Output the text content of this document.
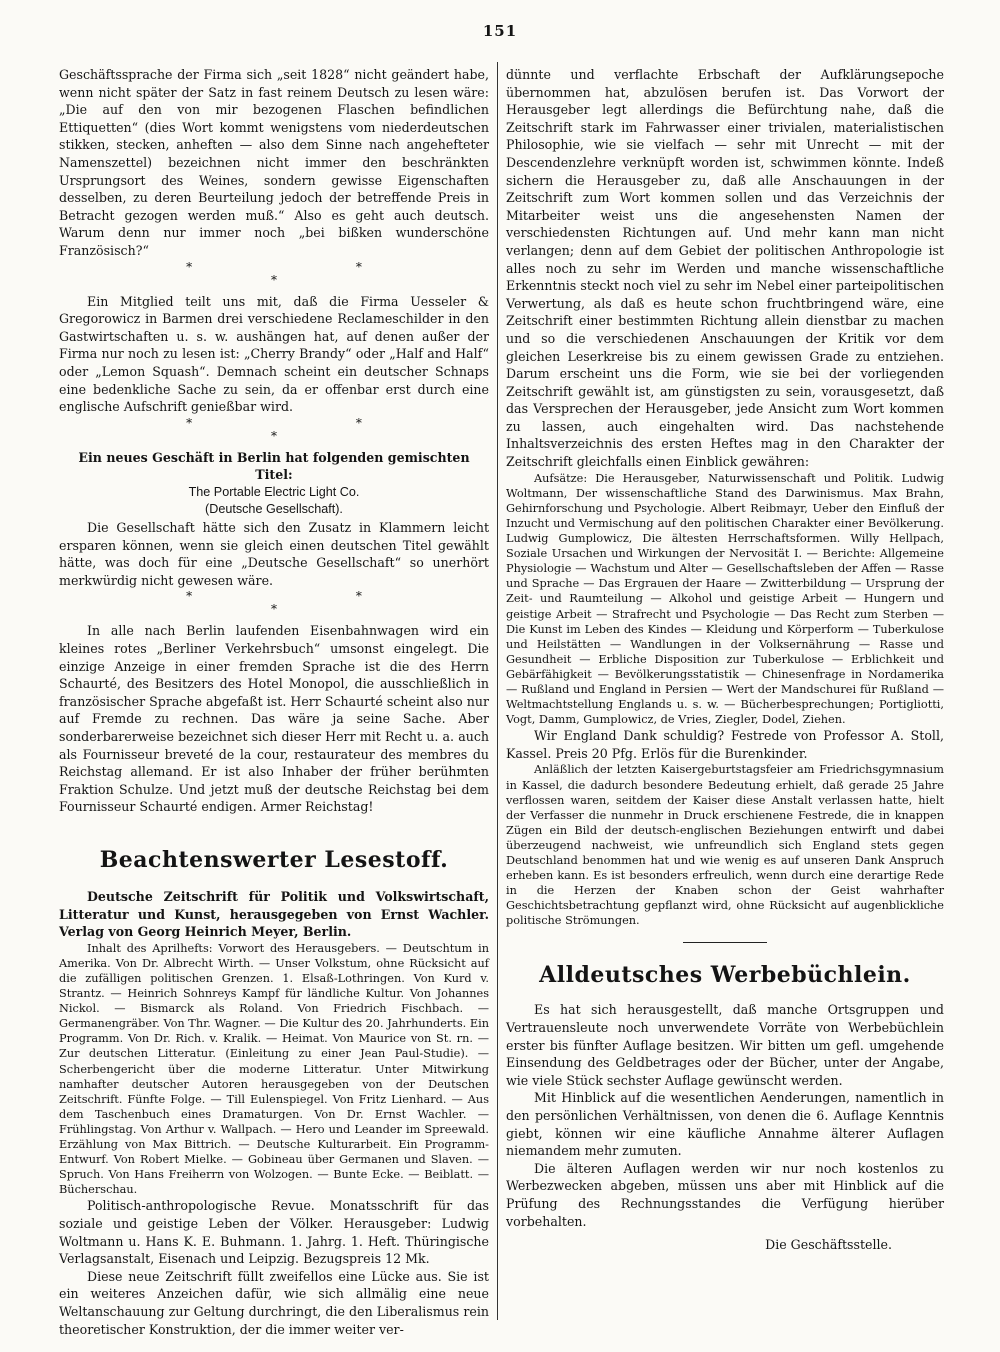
151

Geschäftssprache der Firma sich „seit 1828“ nicht geändert habe, wenn nicht später der Satz in fast reinem Deutsch zu lesen wäre: „Die auf den von mir bezogenen Flaschen befindlichen Ettiquetten“ (dies Wort kommt wenigstens vom niederdeutschen stikken, stecken, anheften — also dem Sinne nach angehefteter Namenszettel) bezeichnen nicht immer den beschränkten Ursprungsort des Weines, sondern gewisse Eigenschaften desselben, zu deren Beurteilung jedoch der betreffende Preis in Betracht gezogen werden muß.“ Also es geht auch deutsch. Warum denn nur immer noch „bei bißken wunderschöne Französisch?“

* * *

Ein Mitglied teilt uns mit, daß die Firma Uesseler & Gregorowicz in Barmen drei verschiedene Reclameschilder in den Gastwirtschaften u. s. w. aushängen hat, auf denen außer der Firma nur noch zu lesen ist: „Cherry Brandy“ oder „Half and Half“ oder „Lemon Squash“. Demnach scheint ein deutscher Schnaps eine bedenkliche Sache zu sein, da er offenbar erst durch eine englische Aufschrift genießbar wird.

* * *

Ein neues Geschäft in Berlin hat folgenden gemischten Titel:

The Portable Electric Light Co.

(Deutsche Gesellschaft).

Die Gesellschaft hätte sich den Zusatz in Klammern leicht ersparen können, wenn sie gleich einen deutschen Titel gewählt hätte, was doch für eine „Deutsche Gesellschaft“ so unerhört merkwürdig nicht gewesen wäre.

* * *

In alle nach Berlin laufenden Eisenbahnwagen wird ein kleines rotes „Berliner Verkehrsbuch“ umsonst eingelegt. Die einzige Anzeige in einer fremden Sprache ist die des Herrn Schaurté, des Besitzers des Hotel Monopol, die ausschließlich in französischer Sprache abgefaßt ist. Herr Schaurté scheint also nur auf Fremde zu rechnen. Das wäre ja seine Sache. Aber sonderbarerweise bezeichnet sich dieser Herr mit Recht u. a. auch als Fournisseur breveté de la cour, restaurateur des membres du Reichstag allemand. Er ist also Inhaber der früher berühmten Fraktion Schulze. Und jetzt muß der deutsche Reichstag bei dem Fournisseur Schaurté endigen. Armer Reichstag!

Beachtenswerter Lesestoff.

Deutsche Zeitschrift für Politik und Volkswirtschaft, Litteratur und Kunst, herausgegeben von Ernst Wachler. Verlag von Georg Heinrich Meyer, Berlin.

Inhalt des Aprilhefts: Vorwort des Herausgebers. — Deutschtum in Amerika. Von Dr. Albrecht Wirth. — Unser Volkstum, ohne Rücksicht auf die zufälligen politischen Grenzen. 1. Elsaß-Lothringen. Von Kurd v. Strantz. — Heinrich Sohnreys Kampf für ländliche Kultur. Von Johannes Nickol. — Bismarck als Roland. Von Friedrich Fischbach. — Germanengräber. Von Thr. Wagner. — Die Kultur des 20. Jahrhunderts. Ein Programm. Von Dr. Rich. v. Kralik. — Heimat. Von Maurice von St. rn. — Zur deutschen Litteratur. (Einleitung zu einer Jean Paul-Studie). — Scherbengericht über die moderne Litteratur. Unter Mitwirkung namhafter deutscher Autoren herausgegeben von der Deutschen Zeitschrift. Fünfte Folge. — Till Eulenspiegel. Von Fritz Lienhard. — Aus dem Taschenbuch eines Dramaturgen. Von Dr. Ernst Wachler. — Frühlingstag. Von Arthur v. Wallpach. — Hero und Leander im Spreewald. Erzählung von Max Bittrich. — Deutsche Kulturarbeit. Ein Programm-Entwurf. Von Robert Mielke. — Gobineau über Germanen und Slaven. — Spruch. Von Hans Freiherrn von Wolzogen. — Bunte Ecke. — Beiblatt. — Bücherschau.

Politisch-anthropologische Revue. Monatsschrift für das soziale und geistige Leben der Völker. Herausgeber: Ludwig Woltmann u. Hans K. E. Buhmann. 1. Jahrg. 1. Heft. Thüringische Verlagsanstalt, Eisenach und Leipzig. Bezugspreis 12 Mk.

Diese neue Zeitschrift füllt zweifellos eine Lücke aus. Sie ist ein weiteres Anzeichen dafür, wie sich allmälig eine neue Weltanschauung zur Geltung durchringt, die den Liberalismus rein theoretischer Konstruktion, der die immer weiter ver-

dünnte und verflachte Erbschaft der Aufklärungsepoche übernommen hat, abzulösen berufen ist. Das Vorwort der Herausgeber legt allerdings die Befürchtung nahe, daß die Zeitschrift stark im Fahrwasser einer trivialen, materialistischen Philosophie, wie sie vielfach — sehr mit Unrecht — mit der Descendenzlehre verknüpft worden ist, schwimmen könnte. Indeß sichern die Herausgeber zu, daß alle Anschauungen in der Zeitschrift zum Wort kommen sollen und das Verzeichnis der Mitarbeiter weist uns die angesehensten Namen der verschiedensten Richtungen auf. Und mehr kann man nicht verlangen; denn auf dem Gebiet der politischen Anthropologie ist alles noch zu sehr im Werden und manche wissenschaftliche Erkenntnis steckt noch viel zu sehr im Nebel einer parteipolitischen Verwertung, als daß es heute schon fruchtbringend wäre, eine Zeitschrift einer bestimmten Richtung allein dienstbar zu machen und so die verschiedenen Anschauungen der Kritik vor dem gleichen Leserkreise bis zu einem gewissen Grade zu entziehen. Darum erscheint uns die Form, wie sie bei der vorliegenden Zeitschrift gewählt ist, am günstigsten zu sein, vorausgesetzt, daß das Versprechen der Herausgeber, jede Ansicht zum Wort kommen zu lassen, auch eingehalten wird. Das nachstehende Inhaltsverzeichnis des ersten Heftes mag in den Charakter der Zeitschrift gleichfalls einen Einblick gewähren:

Aufsätze: Die Herausgeber, Naturwissenschaft und Politik. Ludwig Woltmann, Der wissenschaftliche Stand des Darwinismus. Max Brahn, Gehirnforschung und Psychologie. Albert Reibmayr, Ueber den Einfluß der Inzucht und Vermischung auf den politischen Charakter einer Bevölkerung. Ludwig Gumplowicz, Die ältesten Herrschaftsformen. Willy Hellpach, Soziale Ursachen und Wirkungen der Nervosität I. — Berichte: Allgemeine Physiologie — Wachstum und Alter — Gesellschaftsleben der Affen — Rasse und Sprache — Das Ergrauen der Haare — Zwitterbildung — Ursprung der Zeit- und Raumteilung — Alkohol und geistige Arbeit — Hungern und geistige Arbeit — Strafrecht und Psychologie — Das Recht zum Sterben — Die Kunst im Leben des Kindes — Kleidung und Körperform — Tuberkulose und Heilstätten — Wandlungen in der Volksernährung — Rasse und Gesundheit — Erbliche Disposition zur Tuberkulose — Erblichkeit und Gebärfähigkeit — Bevölkerungsstatistik — Chinesenfrage in Nordamerika — Rußland und England in Persien — Wert der Mandschurei für Rußland — Weltmachtstellung Englands u. s. w. — Bücherbesprechungen; Portigliotti, Vogt, Damm, Gumplowicz, de Vries, Ziegler, Dodel, Ziehen.

Wir England Dank schuldig? Festrede von Professor A. Stoll, Kassel. Preis 20 Pfg. Erlös für die Burenkinder.

Anläßlich der letzten Kaisergeburtstagsfeier am Friedrichsgymnasium in Kassel, die dadurch besondere Bedeutung erhielt, daß gerade 25 Jahre verflossen waren, seitdem der Kaiser diese Anstalt verlassen hatte, hielt der Verfasser die nunmehr in Druck erschienene Festrede, die in knappen Zügen ein Bild der deutsch-englischen Beziehungen entwirft und dabei überzeugend nachweist, wie unfreundlich sich England stets gegen Deutschland benommen hat und wie wenig es auf unseren Dank Anspruch erheben kann. Es ist besonders erfreulich, wenn durch eine derartige Rede in die Herzen der Knaben schon der Geist wahrhafter Geschichtsbetrachtung gepflanzt wird, ohne Rücksicht auf augenblickliche politische Strömungen.

Alldeutsches Werbebüchlein.

Es hat sich herausgestellt, daß manche Ortsgruppen und Vertrauensleute noch unverwendete Vorräte von Werbebüchlein erster bis fünfter Auflage besitzen. Wir bitten um gefl. umgehende Einsendung des Geldbetrages oder der Bücher, unter der Angabe, wie viele Stück sechster Auflage gewünscht werden.

Mit Hinblick auf die wesentlichen Aenderungen, namentlich in den persönlichen Verhältnissen, von denen die 6. Auflage Kenntnis giebt, können wir eine käufliche Annahme älterer Auflagen niemandem mehr zumuten.

Die älteren Auflagen werden wir nur noch kostenlos zu Werbezwecken abgeben, müssen uns aber mit Hinblick auf die Prüfung des Rechnungsstandes die Verfügung hierüber vorbehalten.

Die Geschäftsstelle.
